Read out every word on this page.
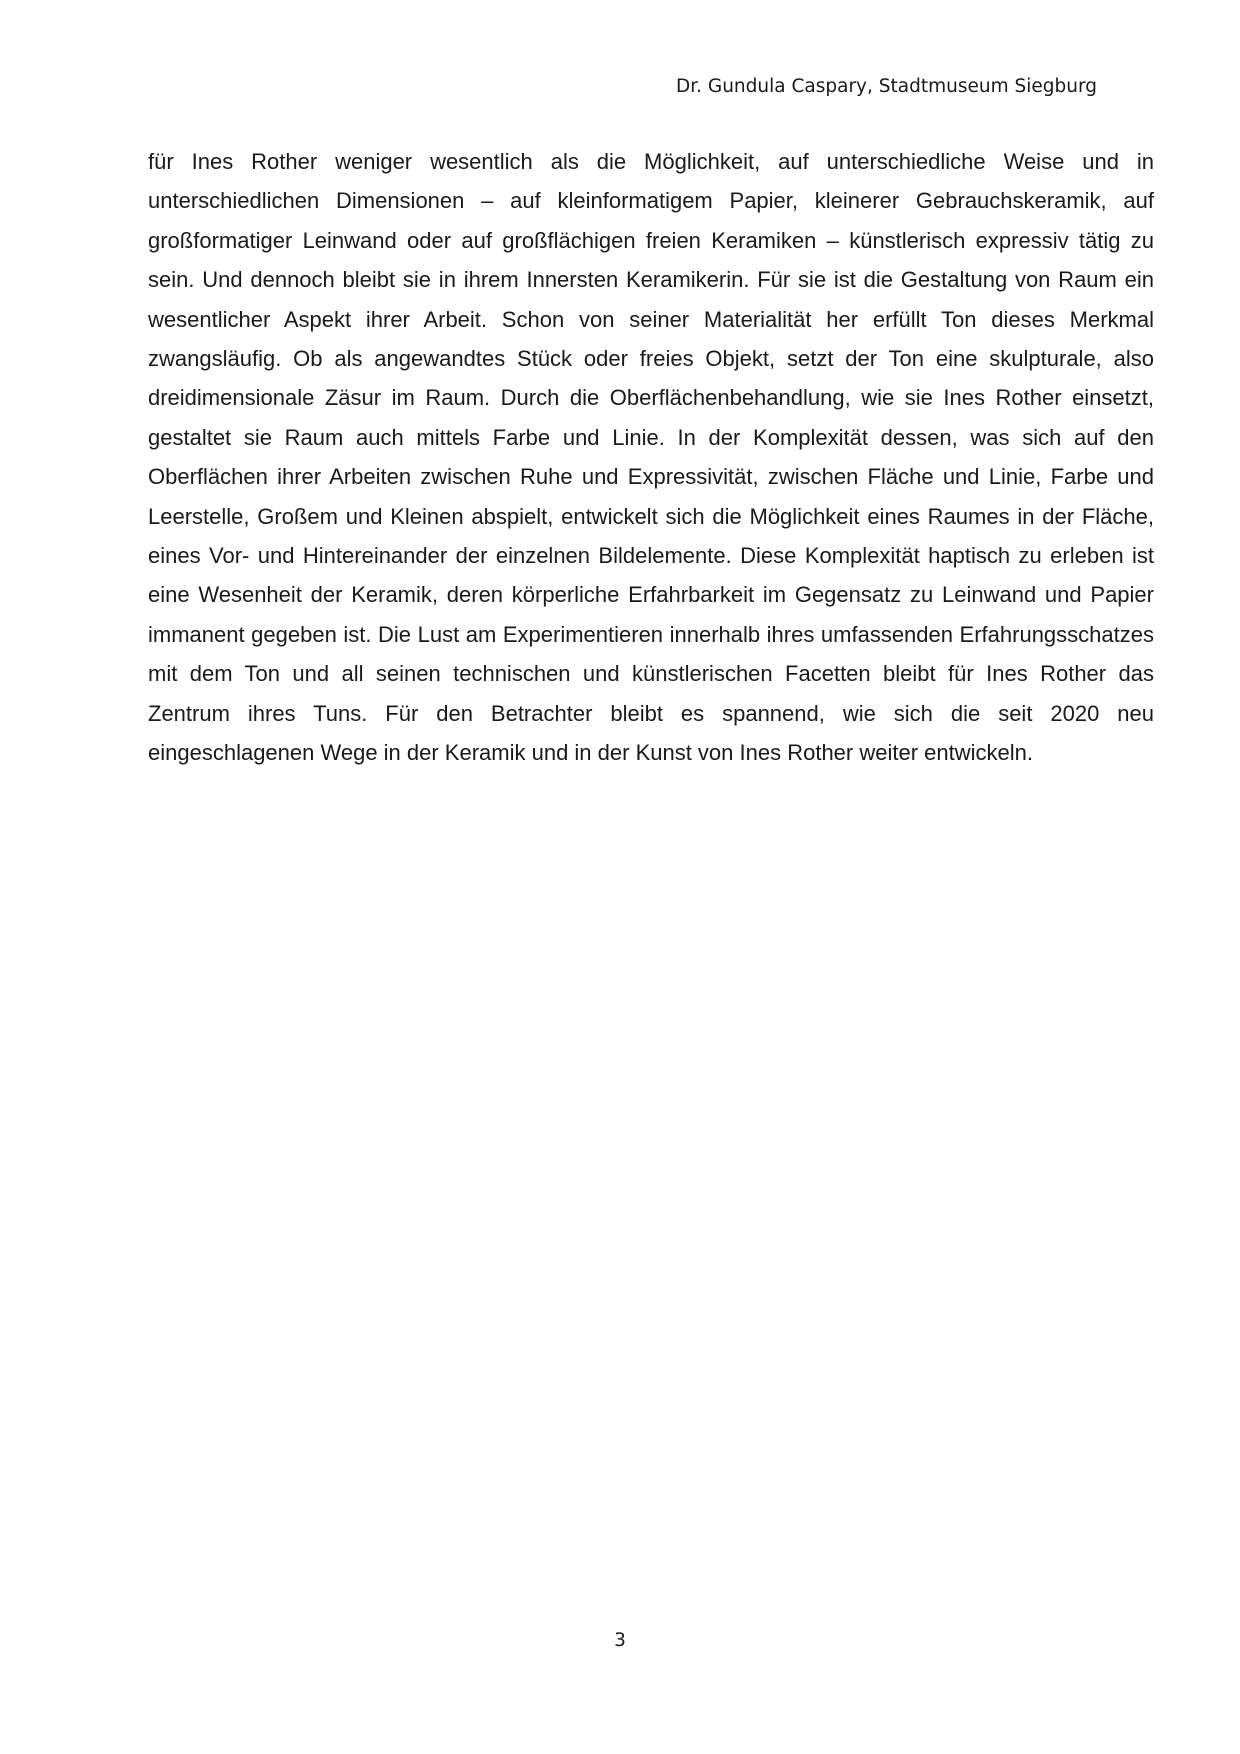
Dr. Gundula Caspary, Stadtmuseum Siegburg

für Ines Rother weniger wesentlich als die Möglichkeit, auf unterschiedliche Weise und in unterschiedlichen Dimensionen – auf kleinformatigem Papier, kleinerer Gebrauchskeramik, auf großformatiger Leinwand oder auf großflächigen freien Keramiken – künstlerisch expressiv tätig zu sein. Und dennoch bleibt sie in ihrem Innersten Keramikerin. Für sie ist die Gestaltung von Raum ein wesentlicher Aspekt ihrer Arbeit. Schon von seiner Materialität her erfüllt Ton dieses Merkmal zwangsläufig. Ob als angewandtes Stück oder freies Objekt, setzt der Ton eine skulpturale, also dreidimensionale Zäsur im Raum. Durch die Oberflächenbehandlung, wie sie Ines Rother einsetzt, gestaltet sie Raum auch mittels Farbe und Linie. In der Komplexität dessen, was sich auf den Oberflächen ihrer Arbeiten zwischen Ruhe und Expressivität, zwischen Fläche und Linie, Farbe und Leerstelle, Großem und Kleinen abspielt, entwickelt sich die Möglichkeit eines Raumes in der Fläche, eines Vor- und Hintereinander der einzelnen Bildelemente. Diese Komplexität haptisch zu erleben ist eine Wesenheit der Keramik, deren körperliche Erfahrbarkeit im Gegensatz zu Leinwand und Papier immanent gegeben ist. Die Lust am Experimentieren innerhalb ihres umfassenden Erfahrungsschatzes mit dem Ton und all seinen technischen und künstlerischen Facetten bleibt für Ines Rother das Zentrum ihres Tuns. Für den Betrachter bleibt es spannend, wie sich die seit 2020 neu eingeschlagenen Wege in der Keramik und in der Kunst von Ines Rother weiter entwickeln.

3
